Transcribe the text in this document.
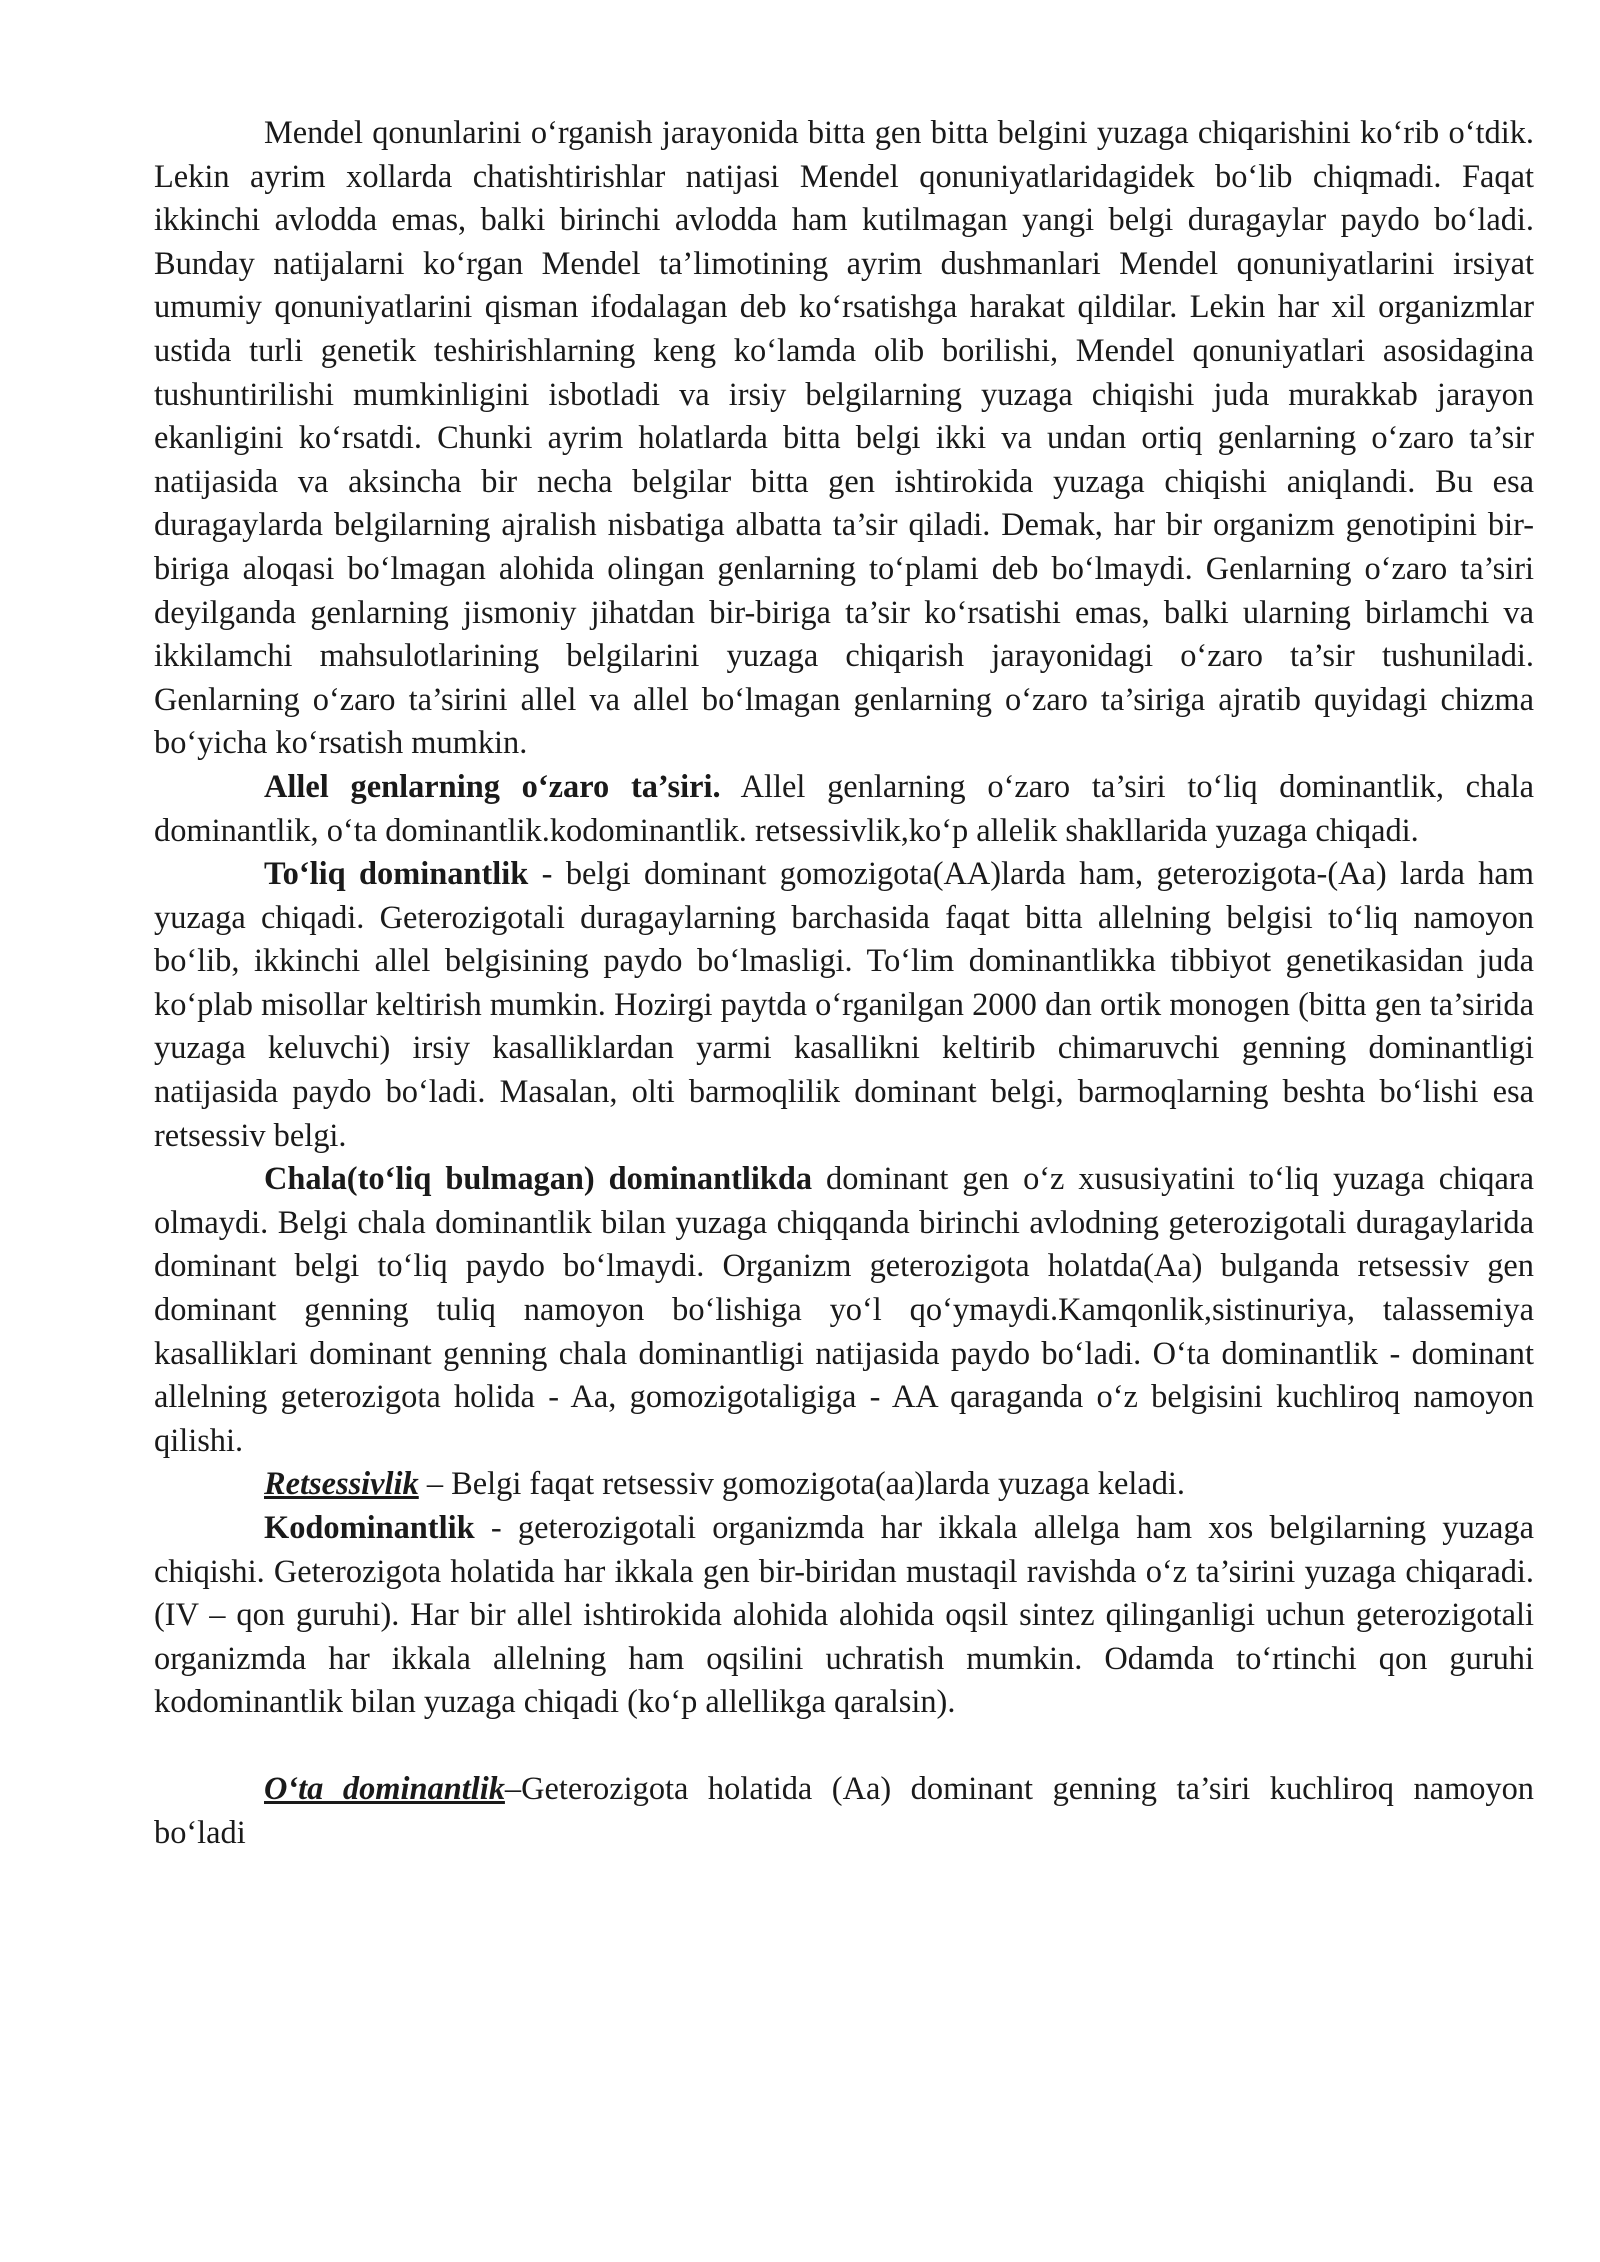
Mendel qonunlarini o‘rganish jarayonida bitta gen bitta belgini yuzaga chiqarishini ko‘rib o‘tdik. Lekin ayrim xollarda chatishtirishlar natijasi Mendel qonuniyatlaridagidek bo‘lib chiqmadi. Faqat ikkinchi avlodda emas, balki birinchi avlodda ham kutilmagan yangi belgi duragaylar paydo bo‘ladi. Bunday natijalarni ko‘rgan Mendel ta’limotining ayrim dushmanlari Mendel qonuniyatlarini irsiyat umumiy qonuniyatlarini qisman ifodalagan deb ko‘rsatishga harakat qildilar. Lekin har xil organizmlar ustida turli genetik teshirishlarning keng ko‘lamda olib borilishi, Mendel qonuniyatlari asosidagina tushuntirilishi mumkinligini isbotladi va irsiy belgilarning yuzaga chiqishi juda murakkab jarayon ekanligini ko‘rsatdi. Chunki ayrim holatlarda bitta belgi ikki va undan ortiq genlarning o‘zaro ta’sir natijasida va aksincha bir necha belgilar bitta gen ishtirokida yuzaga chiqishi aniqlandi. Bu esa duragaylarda belgilarning ajralish nisbatiga albatta ta’sir qiladi. Demak, har bir organizm genotipini bir-biriga aloqasi bo‘lmagan alohida olingan genlarning to‘plami deb bo‘lmaydi. Genlarning o‘zaro ta’siri deyilganda genlarning jismoniy jihatdan bir-biriga ta’sir ko‘rsatishi emas, balki ularning birlamchi va ikkilamchi mahsulotlarining belgilarini yuzaga chiqarish jarayonidagi o‘zaro ta’sir tushuniladi. Genlarning o‘zaro ta’sirini allel va allel bo‘lmagan genlarning o‘zaro ta’siriga ajratib quyidagi chizma bo‘yicha ko‘rsatish mumkin.

Allel genlarning o‘zaro ta’siri. Allel genlarning o‘zaro ta’siri to‘liq dominantlik, chala dominantlik, o‘ta dominantlik.kodominantlik. retsessivlik,ko‘p allelik shakllarida yuzaga chiqadi.

To‘liq dominantlik - belgi dominant gomozigota(AA)larda ham, geterozigota-(Aa) larda ham yuzaga chiqadi. Geterozigotali duragaylarning barchasida faqat bitta allelning belgisi to‘liq namoyon bo‘lib, ikkinchi allel belgisining paydo bo‘lmasligi. To‘lim dominantlikka tibbiyot genetikasidan juda ko‘plab misollar keltirish mumkin. Hozirgi paytda o‘rganilgan 2000 dan ortik monogen (bitta gen ta’sirida yuzaga keluvchi) irsiy kasalliklardan yarmi kasallikni keltirib chimaruvchi genning dominantligi natijasida paydo bo‘ladi. Masalan, olti barmoqlilik dominant belgi, barmoqlarning beshta bo‘lishi esa retsessiv belgi.

Chala(to‘liq bulmagan) dominantlikda dominant gen o‘z xususiyatini to‘liq yuzaga chiqara olmaydi. Belgi chala dominantlik bilan yuzaga chiqqanda birinchi avlodning geterozigotali duragaylarida dominant belgi to‘liq paydo bo‘lmaydi. Organizm geterozigota holatda(Aa) bulganda retsessiv gen dominant genning tuliq namoyon bo‘lishiga yo‘l qo‘ymaydi.Kamqonlik,sistinuriya, talassemiya kasalliklari dominant genning chala dominantligi natijasida paydo bo‘ladi. O‘ta dominantlik - dominant allelning geterozigota holida - Aa, gomozigotaligiga - AA qaraganda o‘z belgisini kuchliroq namoyon qilishi.

Retsessivlik – Belgi faqat retsessiv gomozigota(aa)larda yuzaga keladi.

Kodominantlik - geterozigotali organizmda har ikkala allelga ham xos belgilarning yuzaga chiqishi. Geterozigota holatida har ikkala gen bir-biridan mustaqil ravishda o‘z ta’sirini yuzaga chiqaradi. (IV – qon guruhi). Har bir allel ishtirokida alohida alohida oqsil sintez qilinganligi uchun geterozigotali organizmda har ikkala allelning ham oqsilini uchratish mumkin. Odamda to‘rtinchi qon guruhi kodominantlik bilan yuzaga chiqadi (ko‘p allellikga qaralsin).

O‘ta dominantlik–Geterozigota holatida (Aa) dominant genning ta’siri kuchliroq namoyon bo‘ladi
